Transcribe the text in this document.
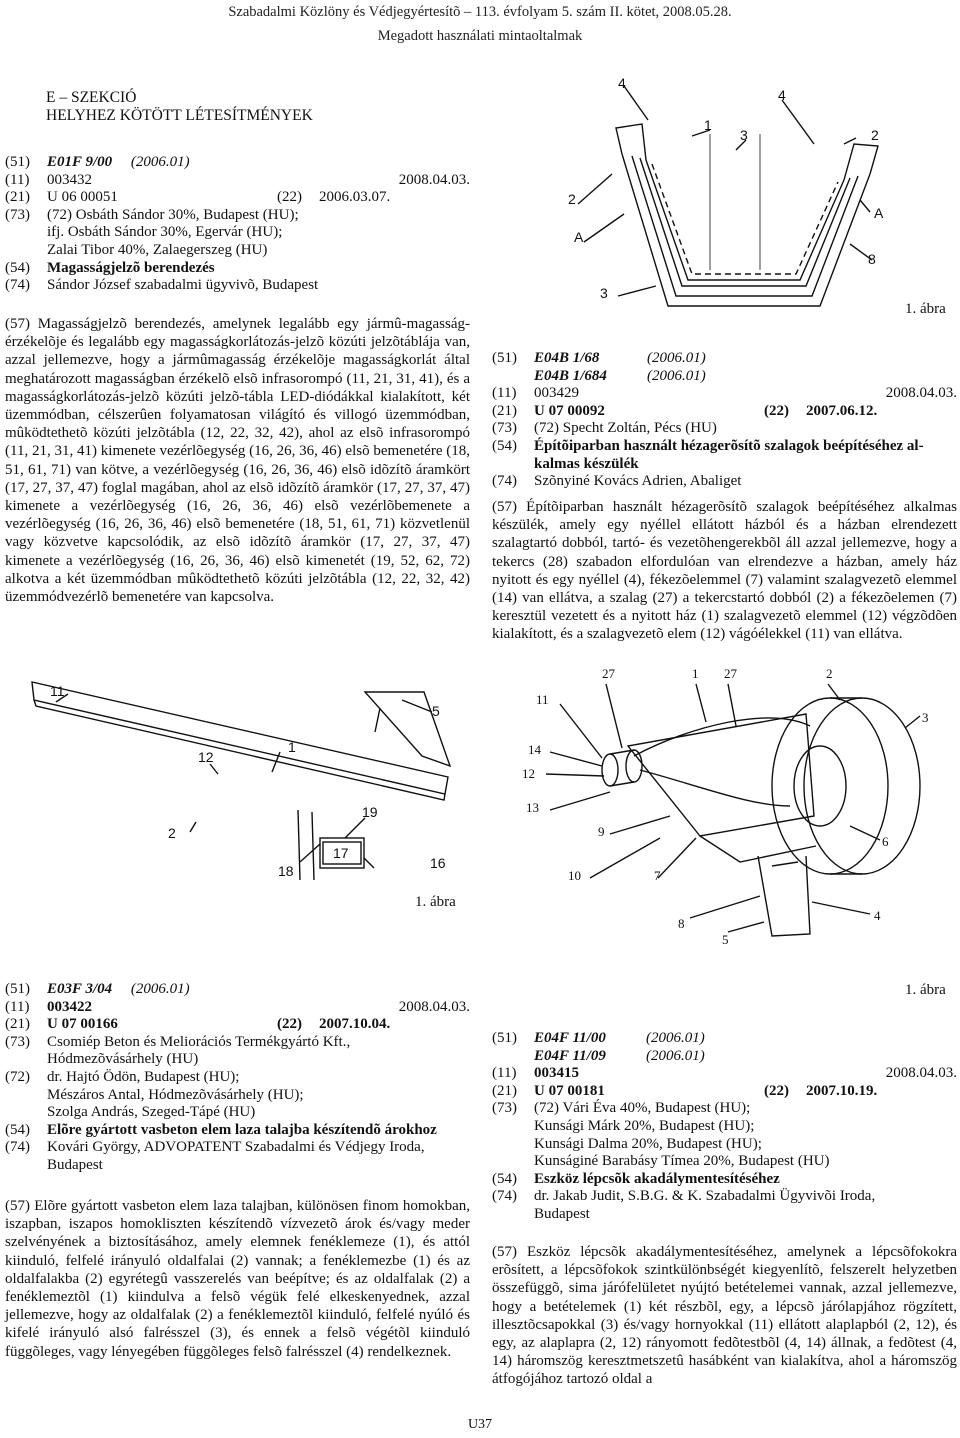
Szabadalmi Közlöny és Védjegyértesítõ – 113. évfolyam 5. szám II. kötet, 2008.05.28.
Megadott használati mintaoltalmak
E – SZEKCIÓ
HELYHEZ KÖTÖTT LÉTESÍTMÉNYEK
(51) E01F 9/00 (2006.01)
(11) 003432	2008.04.03.
(21) U 06 00051	(22) 2006.03.07.
(73) (72) Osbáth Sándor 30%, Budapest (HU);
ifj. Osbáth Sándor 30%, Egervár (HU);
Zalai Tibor 40%, Zalaegerszeg (HU)
(54) Magasságjelzõ berendezés
(74) Sándor József szabadalmi ügyvivõ, Budapest
(57) Magasságjelzõ berendezés, amelynek legalább egy jármû-magasság-érzékelõje és legalább egy magasságkorlátozás-jelzõ közúti jelzõtáblája van, azzal jellemezve, hogy a jármûmagasság érzékelõje magasságkorlát által meghatározott magasságban érzékelõ elsõ infrasorompó (11, 21, 31, 41), és a magasságkorlátozás-jelzõ közúti jelzõ-tábla LED-diódákkal kialakított, két üzemmódban, célszerûen folyamatosan világító és villogó üzemmódban, mûködtethetõ közúti jelzõtábla (12, 22, 32, 42), ahol az elsõ infrasorompó (11, 21, 31, 41) kimenete vezérlõegység (16, 26, 36, 46) elsõ bemenetére (18, 51, 61, 71) van kötve, a vezérlõegység (16, 26, 36, 46) elsõ idõzítõ áramkört (17, 27, 37, 47) foglal magában, ahol az elsõ idõzítõ áramkör (17, 27, 37, 47) kimenete a vezérlõegység (16, 26, 36, 46) elsõ vezérlõbemenete a vezérlõegység (16, 26, 36, 46) elsõ bemenetére (18, 51, 61, 71) közvetlenül vagy közvetve kapcsolódik, az elsõ idõzítõ áramkör (17, 27, 37, 47) kimenete a vezérlõegység (16, 26, 36, 46) elsõ kimenetét (19, 52, 62, 72) alkotva a két üzemmódban mûködtethetõ közúti jelzõtábla (12, 22, 32, 42) üzemmódvezérlõ bemenetére van kapcsolva.
11
5
12
1
19
2
17
16
18
1. ábra
4
4
1
3	2
2
A
A
8
3
1. ábra
(51) E04B 1/68	(2006.01)
E04B 1/684	(2006.01)
(11) 003429	2008.04.03.
(21) U 07 00092	(22) 2007.06.12.
(73) (72) Specht Zoltán, Pécs (HU)
(54) Építõiparban használt hézagerõsítõ szalagok beépítéséhez al-
kalmas készülék
(74) Szõnyiné Kovács Adrien, Abaliget
(57) Építõiparban használt hézagerõsítõ szalagok beépítéséhez alkalmas készülék, amely egy nyéllel ellátott házból és a házban elrendezett szalagtartó dobból, tartó- és vezetõhengerekbõl áll azzal jellemezve, hogy a tekercs (28) szabadon elfordulóan van elrendezve a házban, amely ház nyitott és egy nyéllel (4), fékezõelemmel (7) valamint szalagvezetõ elemmel (14) van ellátva, a szalag (27) a tekercstartó dobból (2) a fékezõelemen (7) keresztül vezetett és a nyitott ház (1) szalagvezetõ elemmel (12) végzõdõen kialakított, és a szalagvezetõ elem (12) vágóélekkel (11) van ellátva.
27	1 27	2
11
3
14
12
13
9
6
10	7
8
4
5
1. ábra
(51) E03F 3/04 (2006.01)
(11) 003422	2008.04.03.
(21) U 07 00166	(22) 2007.10.04.
(73) Csomiép Beton és Meliorációs Termékgyártó Kft.,
Hódmezõvásárhely (HU)
(72) dr. Hajtó Ödön, Budapest (HU);
Mészáros Antal, Hódmezõvásárhely (HU);
Szolga András, Szeged-Tápé (HU)
(54) Elõre gyártott vasbeton elem laza talajba készítendõ árokhoz
(74) Kovári György, ADVOPATENT Szabadalmi és Védjegy Iroda,
Budapest
(57) Elõre gyártott vasbeton elem laza talajban, különösen finom homokban, iszapban, iszapos homokliszten készítendõ vízvezetõ árok és/vagy meder szelvényének a biztosításához, amely elemnek fenéklemeze (1), és attól kiinduló, felfelé irányuló oldalfalai (2) vannak; a fenéklemezbe (1) és az oldalfalakba (2) egyrétegû vasszerelés van beépítve; és az oldalfalak (2) a fenéklemeztõl (1) kiindulva a felsõ végük felé elkeskenyednek, azzal jellemezve, hogy az oldalfalak (2) a fenéklemeztõl kiinduló, felfelé nyúló és kifelé irányuló alsó falrésszel (3), és ennek a felsõ végétõl kiinduló függõleges, vagy lényegében függõleges felsõ falrésszel (4) rendelkeznek.
(51) E04F 11/00	(2006.01)
E04F 11/09	(2006.01)
(11) 003415	2008.04.03.
(21) U 07 00181	(22) 2007.10.19.
(73) (72) Vári Éva 40%, Budapest (HU);
Kunsági Márk 20%, Budapest (HU);
Kunsági Dalma 20%, Budapest (HU);
Kunságiné Barabásy Tímea 20%, Budapest (HU)
(54) Eszköz lépcsõk akadálymentesítéséhez
(74) dr. Jakab Judit, S.B.G. & K. Szabadalmi Ügyvivõi Iroda,
Budapest
(57) Eszköz lépcsõk akadálymentesítéséhez, amelynek a lépcsõfokokra erõsített, a lépcsõfokok szintkülönbségét kiegyenlítõ, felszerelt helyzetben összefüggõ, sima járófelületet nyújtó betételemei vannak, azzal jellemezve, hogy a betételemek (1) két részbõl, egy, a lépcsõ járólapjához rögzített, illesztõcsapokkal (3) és/vagy hornyokkal (11) ellátott alaplapból (2, 12), és egy, az alaplapra (2, 12) rányomott fedõtestbõl (4, 14) állnak, a fedõtest (4, 14) háromszög keresztmetszetû hasábként van kialakítva, ahol a háromszög átfogójához tartozó oldal a
U37
